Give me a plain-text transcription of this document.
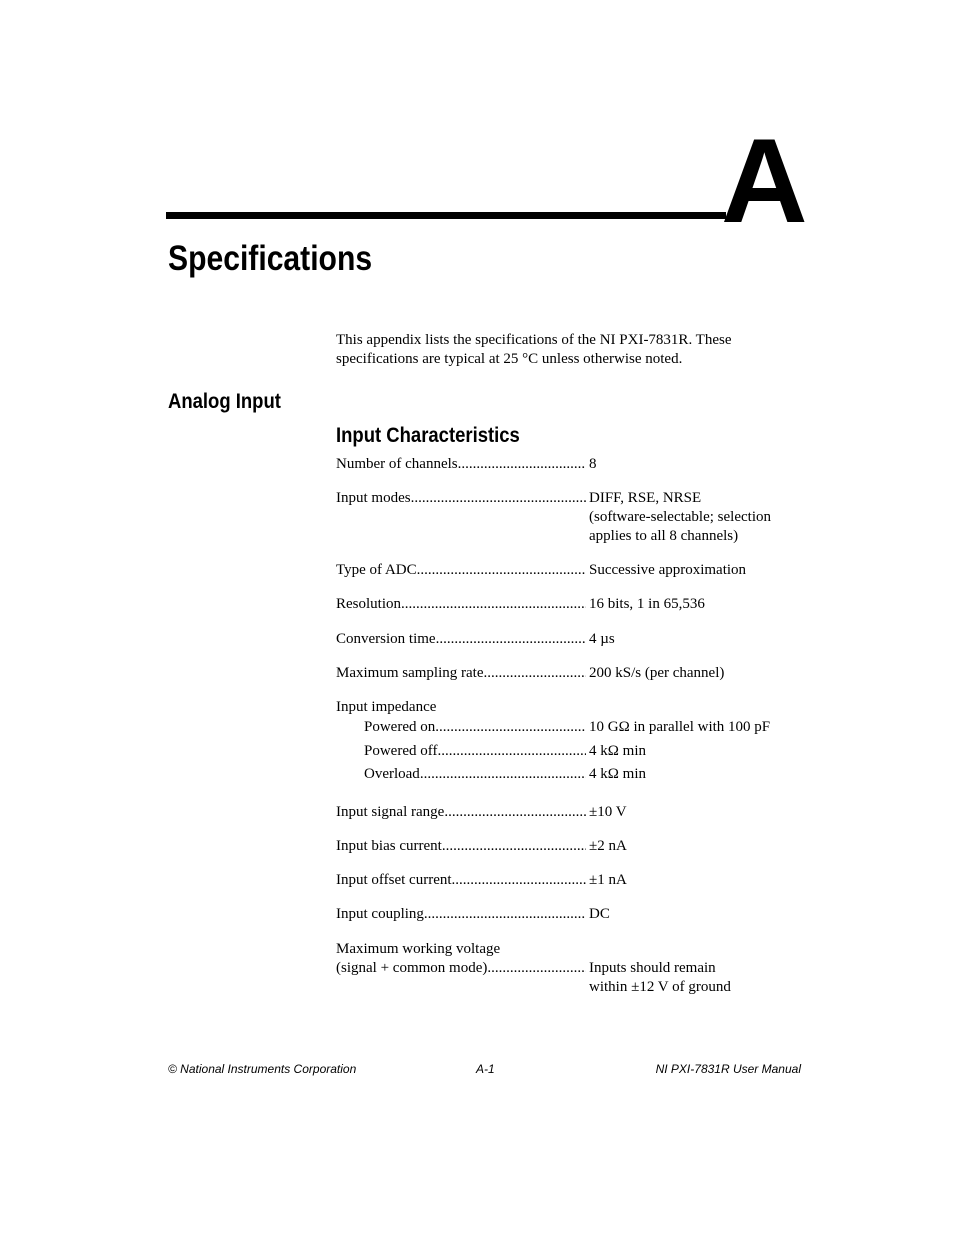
A
Specifications

This appendix lists the specifications of the NI PXI-7831R. These specifications are typical at 25 °C unless otherwise noted.

Analog Input
Input Characteristics
Number of channels .....	8
Input modes .....	DIFF, RSE, NRSE
(software-selectable; selection
applies to all 8 channels)
Type of ADC .....	Successive approximation
Resolution .....	16 bits, 1 in 65,536
Conversion time .....	4 µs
Maximum sampling rate .....	200 kS/s (per channel)
Input impedance
Powered on .....	10 GΩ in parallel with 100 pF
Powered off .....	4 kΩ min
Overload .....	4 kΩ min
Input signal range .....	±10 V
Input bias current .....	±2 nA
Input offset current .....	±1 nA
Input coupling .....	DC
Maximum working voltage
(signal + common mode) .....	Inputs should remain
within ±12 V of ground
© National Instruments Corporation	A-1	NI PXI-7831R User Manual
